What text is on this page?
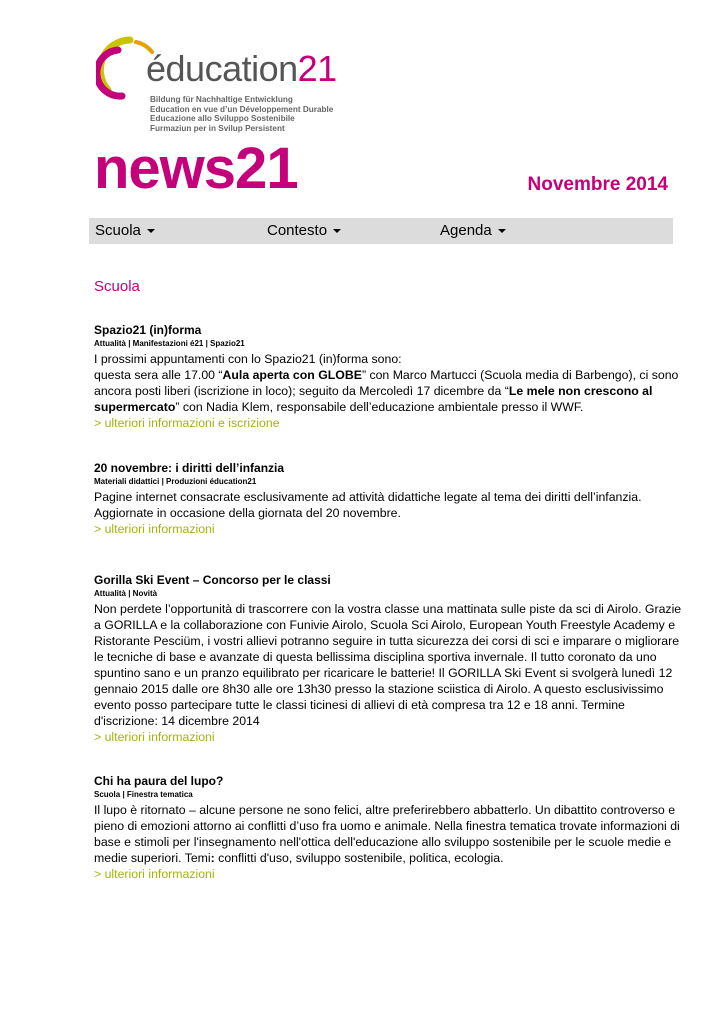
éducation21
Bildung für Nachhaltige Entwicklung
Education en vue d’un Développement Durable
Educazione allo Sviluppo Sostenibile
Furmaziun per in Svilup Persistent
news21	Novembre 2014
Scuola	Contesto	Agenda
Scuola
Spazio21 (in)forma
Attualità | Manifestazioni é21 | Spazio21
I prossimi appuntamenti con lo Spazio21 (in)forma sono:
questa sera alle 17.00 “Aula aperta con GLOBE” con Marco Martucci (Scuola media di Barbengo), ci sono ancora posti liberi (iscrizione in loco); seguito da Mercoledì 17 dicembre da “Le mele non crescono al supermercato” con Nadia Klem, responsabile dell’educazione ambientale presso il WWF.
> ulteriori informazioni e iscrizione
20 novembre: i diritti dell’infanzia
Materiali didattici | Produzioni éducation21
Pagine internet consacrate esclusivamente ad attività didattiche legate al tema dei diritti dell’infanzia.
Aggiornate in occasione della giornata del 20 novembre.
> ulteriori informazioni
Gorilla Ski Event – Concorso per le classi
Attualità | Novità
Non perdete l’opportunità di trascorrere con la vostra classe una mattinata sulle piste da sci di Airolo. Grazie a GORILLA e la collaborazione con Funivie Airolo, Scuola Sci Airolo, European Youth Freestyle Academy e Ristorante Pesciüm, i vostri allievi potranno seguire in tutta sicurezza dei corsi di sci e imparare o migliorare le tecniche di base e avanzate di questa bellissima disciplina sportiva invernale. Il tutto coronato da uno spuntino sano e un pranzo equilibrato per ricaricare le batterie! Il GORILLA Ski Event si svolgerà lunedì 12 gennaio 2015 dalle ore 8h30 alle ore 13h30 presso la stazione sciistica di Airolo. A questo esclusivissimo evento posso partecipare tutte le classi ticinesi di allievi di età compresa tra 12 e 18 anni. Termine d'iscrizione: 14 dicembre 2014
> ulteriori informazioni
Chi ha paura del lupo?
Scuola | Finestra tematica
Il lupo è ritornato – alcune persone ne sono felici, altre preferirebbero abbatterlo. Un dibattito controverso e pieno di emozioni attorno ai conflitti d’uso fra uomo e animale. Nella finestra tematica trovate informazioni di base e stimoli per l'insegnamento nell'ottica dell'educazione allo sviluppo sostenibile per le scuole medie e medie superiori. Temi: conflitti d'uso, sviluppo sostenibile, politica, ecologia.
> ulteriori informazioni
